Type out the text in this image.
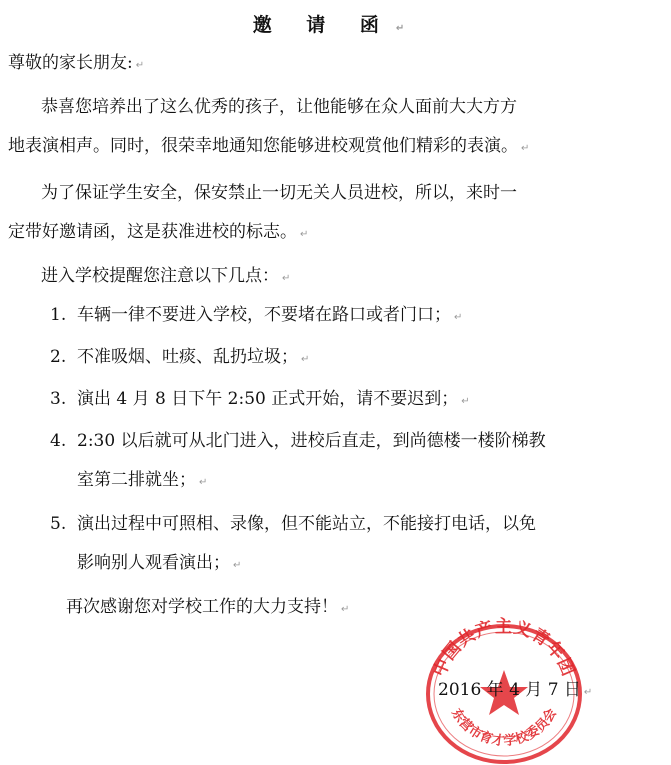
邀 请 函 ↵
尊敬的家长朋友: ↵
恭喜您培养出了这么优秀的孩子，让他能够在众人面前大大方方
地表演相声。同时，很荣幸地通知您能够进校观赏他们精彩的表演。 ↵
为了保证学生安全，保安禁止一切无关人员进校，所以，来时一
定带好邀请函，这是获准进校的标志。 ↵
进入学校提醒您注意以下几点： ↵
1. 车辆一律不要进入学校，不要堵在路口或者门口； ↵
2. 不准吸烟、吐痰、乱扔垃圾； ↵
3. 演出 4 月 8 日下午 2:50 正式开始，请不要迟到； ↵
4. 2:30 以后就可从北门进入，进校后直走，到尚德楼一楼阶梯教
室第二排就坐； ↵
5. 演出过程中可照相、录像，但不能站立，不能接打电话，以免
影响别人观看演出； ↵
再次感谢您对学校工作的大力支持！ ↵
2016 年 4 月 7 日 ↵
中国共产主义青年团
东营市育才学校委员会
